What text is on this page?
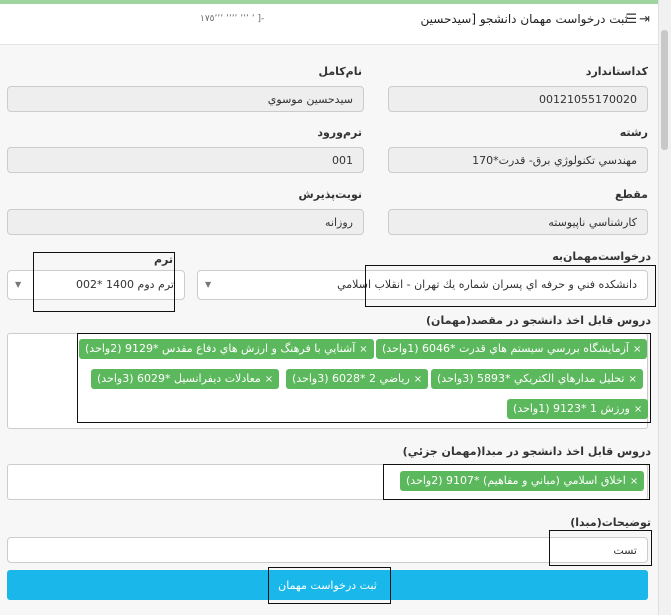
⇥☰
ثبت درخواست مهمان دانشجو [سيدحسين
٬ ٬٬٬ ٬٬٬٬ ١٧٥٬٬٬ ]-
کداستاندارد
00121055170020
نام‌کامل
سیدحسین موسوي
رشته
مهندسي تکنولوژي برق- قدرت*170
ترم‌ورود
001
مقطع
کارشناسي ناپيوسته
نوبت‌پذیرش
روزانه
درخواست‌مهمان‌به
دانشکده فني و حرفه اي پسران شماره يك تهران - انقلاب اسلامي
▼
ترم
ترم دوم 1400 *002
▼
دروس قابل اخذ دانشجو در مقصد(مهمان)
×آزمايشگاه بررسي سيستم هاي قدرت *6046 (1واحد)
×آشنايي با فرهنگ و ارزش هاي دفاع مقدس *9129 (2واحد)
×تحليل مدارهاي الکتريکي *5893 (3واحد)
×رياضي 2 *6028 (3واحد)
×معادلات ديفرانسيل *6029 (3واحد)
×ورزش 1 *9123 (1واحد)
دروس قابل اخذ دانشجو در مبدا(مهمان جزئي)
×اخلاق اسلامي (مباني و مفاهيم) *9107 (2واحد)
توضیحات(مبدا)
تست
ثبت درخواست مهمان
